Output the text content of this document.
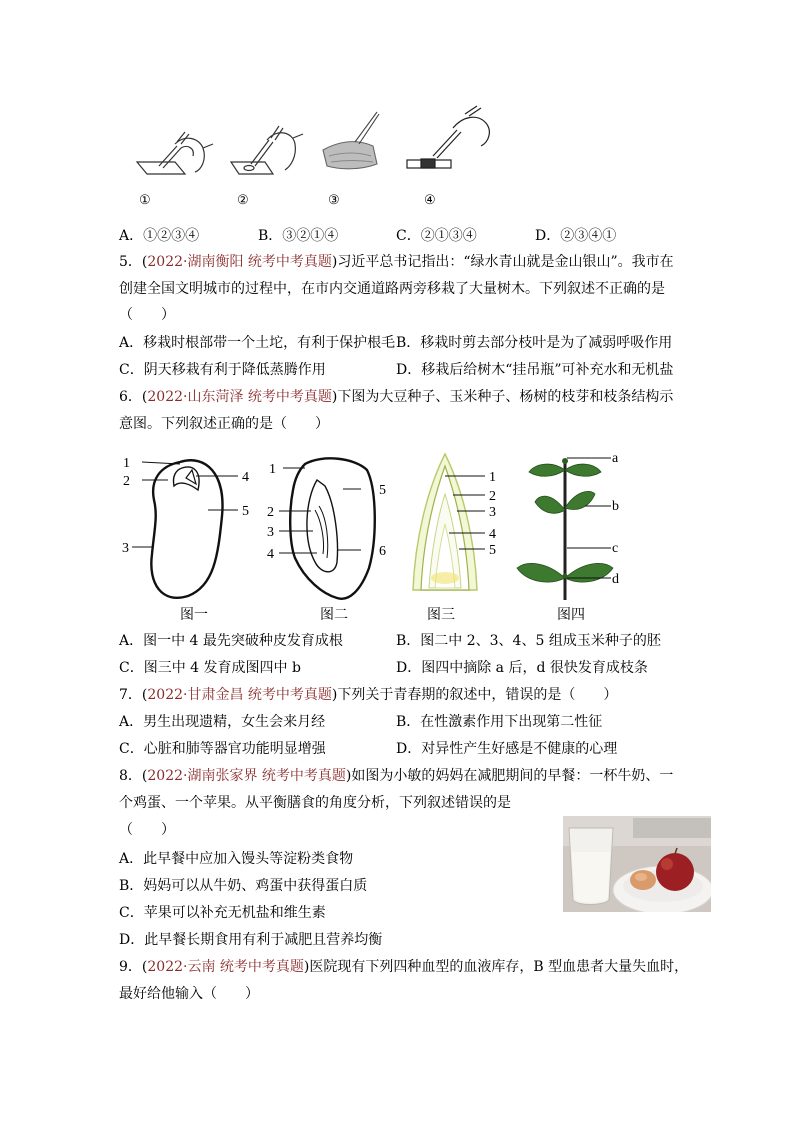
①	②	③	④
A．①②③④	B．③②①④	C．②①③④	D．②③④①
5．(2022·湖南衡阳 统考中考真题)习近平总书记指出：“绿水青山就是金山银山”。我市在
创建全国文明城市的过程中，在市内交通道路两旁移栽了大量树木。下列叙述不正确的是
（　　）
A．移栽时根部带一个土坨，有利于保护根毛 B．移栽时剪去部分枝叶是为了减弱呼吸作用
C．阴天移栽有利于降低蒸腾作用	D．移栽后给树木“挂吊瓶”可补充水和无机盐
6．(2022·山东菏泽 统考中考真题)下图为大豆种子、玉米种子、杨树的枝芽和枝条结构示
意图。下列叙述正确的是（　　）
1
2
3
4
5
1
2
3
4
5
6
1
2
3
4
5
a
b
c
d
图一	图二	图三	图四
A．图一中 4 最先突破种皮发育成根	B．图二中 2、3、4、5 组成玉米种子的胚
C．图三中 4 发育成图四中 b	D．图四中摘除 a 后，d 很快发育成枝条
7．(2022·甘肃金昌 统考中考真题)下列关于青春期的叙述中，错误的是（　　）
A．男生出现遗精，女生会来月经	B．在性激素作用下出现第二性征
C．心脏和肺等器官功能明显增强	D．对异性产生好感是不健康的心理
8．(2022·湖南张家界 统考中考真题)如图为小敏的妈妈在减肥期间的早餐：一杯牛奶、一
个鸡蛋、一个苹果。从平衡膳食的角度分析，下列叙述错误的是
（　　）
A．此早餐中应加入馒头等淀粉类食物
B．妈妈可以从牛奶、鸡蛋中获得蛋白质
C．苹果可以补充无机盐和维生素
D．此早餐长期食用有利于减肥且营养均衡
9．(2022·云南 统考中考真题)医院现有下列四种血型的血液库存，B 型血患者大量失血时，
最好给他输入（　　）
